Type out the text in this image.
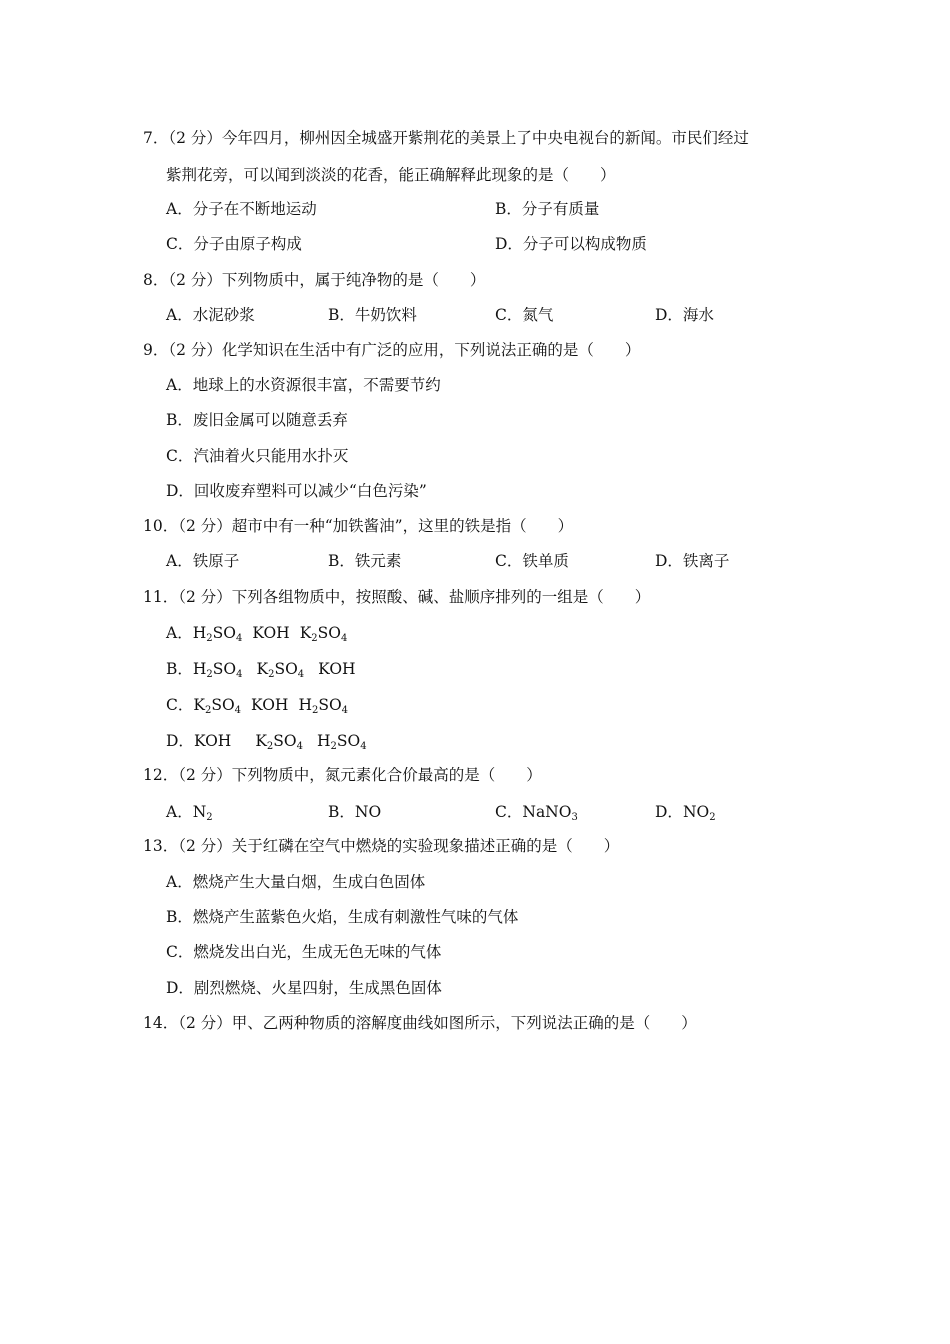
7．（2 分）今年四月，柳州因全城盛开紫荆花的美景上了中央电视台的新闻。市民们经过
紫荆花旁，可以闻到淡淡的花香，能正确解释此现象的是（　　）
A．分子在不断地运动	B．分子有质量
C．分子由原子构成	D．分子可以构成物质
8．（2 分）下列物质中，属于纯净物的是（　　）
A．水泥砂浆	B．牛奶饮料	C．氮气	D．海水
9．（2 分）化学知识在生活中有广泛的应用，下列说法正确的是（　　）
A．地球上的水资源很丰富，不需要节约
B．废旧金属可以随意丢弃
C．汽油着火只能用水扑灭
D．回收废弃塑料可以减少“白色污染”
10．（2 分）超市中有一种“加铁酱油”，这里的铁是指（　　）
A．铁原子	B．铁元素	C．铁单质	D．铁离子
11．（2 分）下列各组物质中，按照酸、碱、盐顺序排列的一组是（　　）
A．$H_2SO_4$ KOH $K_2SO_4$
B．$H_2SO_4$ $K_2SO_4$ KOH
C．$K_2SO_4$ KOH $H_2SO_4$
D．KOH $K_2SO_4$ $H_2SO_4$
12．（2 分）下列物质中，氮元素化合价最高的是（　　）
A．$N_2$	B．NO	C．NaNO$_3$	D．$NO_2$
13．（2 分）关于红磷在空气中燃烧的实验现象描述正确的是（　　）
A．燃烧产生大量白烟，生成白色固体
B．燃烧产生蓝紫色火焰，生成有刺激性气味的气体
C．燃烧发出白光，生成无色无味的气体
D．剧烈燃烧、火星四射，生成黑色固体
14．（2 分）甲、乙两种物质的溶解度曲线如图所示，下列说法正确的是（　　）
